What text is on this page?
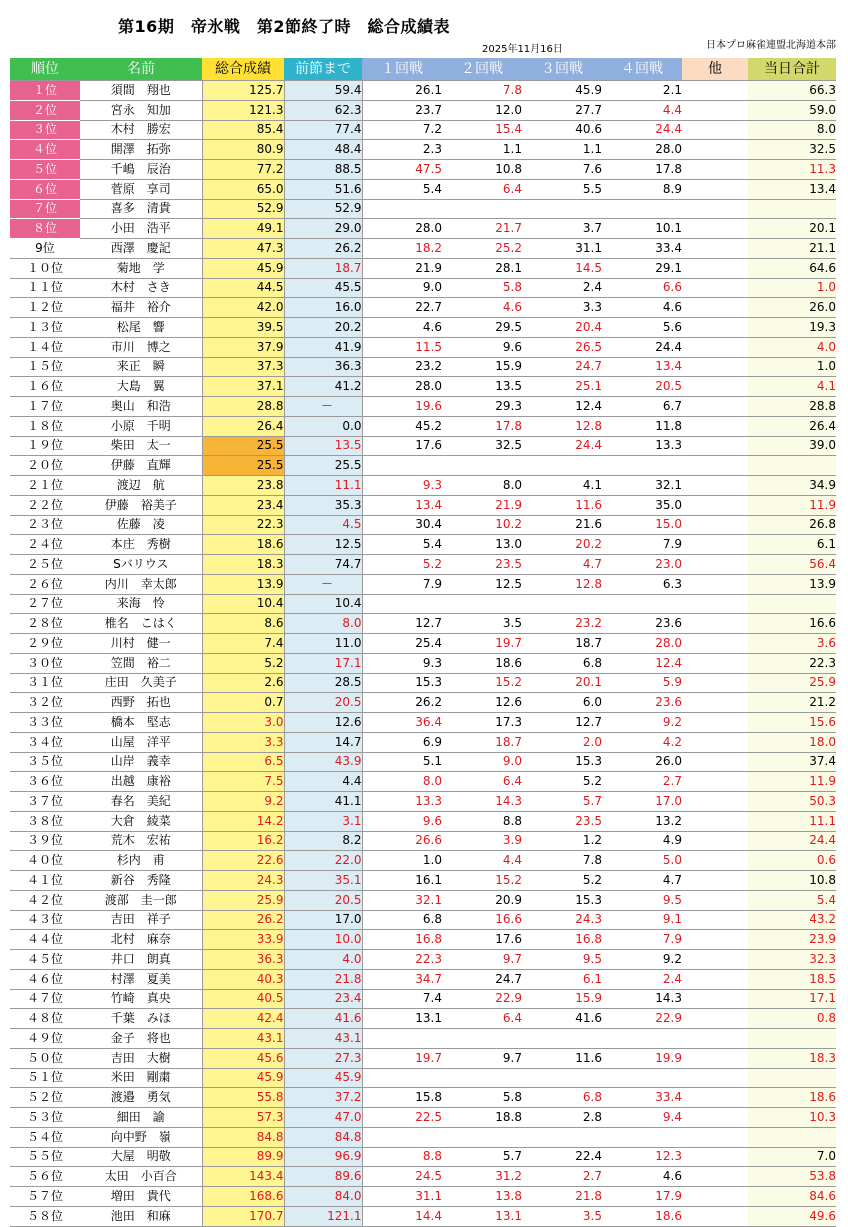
第16期　帝氷戦　第2節終了時　総合成績表
2025年11月16日	日本プロ麻雀連盟北海道本部
順位	名前	総合成績	前節まで	１回戦	２回戦	３回戦	４回戦	他	当日合計
１位	須間　翔也	125.7	59.4	26.1	7.8	45.9	2.1		66.3
２位	宮永　知加	121.3	62.3	23.7	12.0	27.7	4.4		59.0
３位	木村　勝宏	85.4	77.4	7.2	15.4	40.6	24.4		8.0
４位	開澤　拓弥	80.9	48.4	2.3	1.1	1.1	28.0		32.5
５位	千嶋　辰治	77.2	88.5	47.5	10.8	7.6	17.8		11.3
６位	菅原　享司	65.0	51.6	5.4	6.4	5.5	8.9		13.4
７位	喜多　清貴	52.9	52.9						
８位	小田　浩平	49.1	29.0	28.0	21.7	3.7	10.1		20.1
9位	西澤　慶記	47.3	26.2	18.2	25.2	31.1	33.4		21.1
１０位	菊地　学	45.9	18.7	21.9	28.1	14.5	29.1		64.6
１１位	木村　さき	44.5	45.5	9.0	5.8	2.4	6.6		1.0
１２位	福井　裕介	42.0	16.0	22.7	4.6	3.3	4.6		26.0
１３位	松尾　響	39.5	20.2	4.6	29.5	20.4	5.6		19.3
１４位	市川　博之	37.9	41.9	11.5	9.6	26.5	24.4		4.0
１５位	来正　瞬	37.3	36.3	23.2	15.9	24.7	13.4		1.0
１６位	大島　翼	37.1	41.2	28.0	13.5	25.1	20.5		4.1
１７位	奥山　和浩	28.8	－	19.6	29.3	12.4	6.7		28.8
１８位	小原　千明	26.4	0.0	45.2	17.8	12.8	11.8		26.4
１９位	柴田　太一	25.5	13.5	17.6	32.5	24.4	13.3		39.0
２０位	伊藤　直輝	25.5	25.5						
２１位	渡辺　航	23.8	11.1	9.3	8.0	4.1	32.1		34.9
２２位	伊藤　裕美子	23.4	35.3	13.4	21.9	11.6	35.0		11.9
２３位	佐藤　凌	22.3	4.5	30.4	10.2	21.6	15.0		26.8
２４位	本庄　秀樹	18.6	12.5	5.4	13.0	20.2	7.9		6.1
２５位	Sバリウス	18.3	74.7	5.2	23.5	4.7	23.0		56.4
２６位	内川　幸太郎	13.9	－	7.9	12.5	12.8	6.3		13.9
２７位	来海　怜	10.4	10.4						
２８位	椎名　こはく	8.6	8.0	12.7	3.5	23.2	23.6		16.6
２９位	川村　健一	7.4	11.0	25.4	19.7	18.7	28.0		3.6
３０位	笠間　裕二	5.2	17.1	9.3	18.6	6.8	12.4		22.3
３１位	庄田　久美子	2.6	28.5	15.3	15.2	20.1	5.9		25.9
３２位	西野　拓也	0.7	20.5	26.2	12.6	6.0	23.6		21.2
３３位	橋本　堅志	3.0	12.6	36.4	17.3	12.7	9.2		15.6
３４位	山屋　洋平	3.3	14.7	6.9	18.7	2.0	4.2		18.0
３５位	山岸　義幸	6.5	43.9	5.1	9.0	15.3	26.0		37.4
３６位	出越　康裕	7.5	4.4	8.0	6.4	5.2	2.7		11.9
３７位	春名　美紀	9.2	41.1	13.3	14.3	5.7	17.0		50.3
３８位	大倉　綾菜	14.2	3.1	9.6	8.8	23.5	13.2		11.1
３９位	荒木　宏祐	16.2	8.2	26.6	3.9	1.2	4.9		24.4
４０位	杉内　甫	22.6	22.0	1.0	4.4	7.8	5.0		0.6
４１位	新谷　秀隆	24.3	35.1	16.1	15.2	5.2	4.7		10.8
４２位	渡部　圭一郎	25.9	20.5	32.1	20.9	15.3	9.5		5.4
４３位	吉田　祥子	26.2	17.0	6.8	16.6	24.3	9.1		43.2
４４位	北村　麻奈	33.9	10.0	16.8	17.6	16.8	7.9		23.9
４５位	井口　朗真	36.3	4.0	22.3	9.7	9.5	9.2		32.3
４６位	村澤　夏美	40.3	21.8	34.7	24.7	6.1	2.4		18.5
４７位	竹崎　真央	40.5	23.4	7.4	22.9	15.9	14.3		17.1
４８位	千葉　みほ	42.4	41.6	13.1	6.4	41.6	22.9		0.8
４９位	金子　将也	43.1	43.1						
５０位	吉田　大樹	45.6	27.3	19.7	9.7	11.6	19.9		18.3
５１位	米田　剛粛	45.9	45.9						
５２位	渡邉　勇気	55.8	37.2	15.8	5.8	6.8	33.4		18.6
５３位	細田　諭	57.3	47.0	22.5	18.8	2.8	9.4		10.3
５４位	向中野　嶺	84.8	84.8						
５５位	大屋　明敬	89.9	96.9	8.8	5.7	22.4	12.3		7.0
５６位	太田　小百合	143.4	89.6	24.5	31.2	2.7	4.6		53.8
５７位	増田　貴代	168.6	84.0	31.1	13.8	21.8	17.9		84.6
５８位	池田　和麻	170.7	121.1	14.4	13.1	3.5	18.6		49.6
